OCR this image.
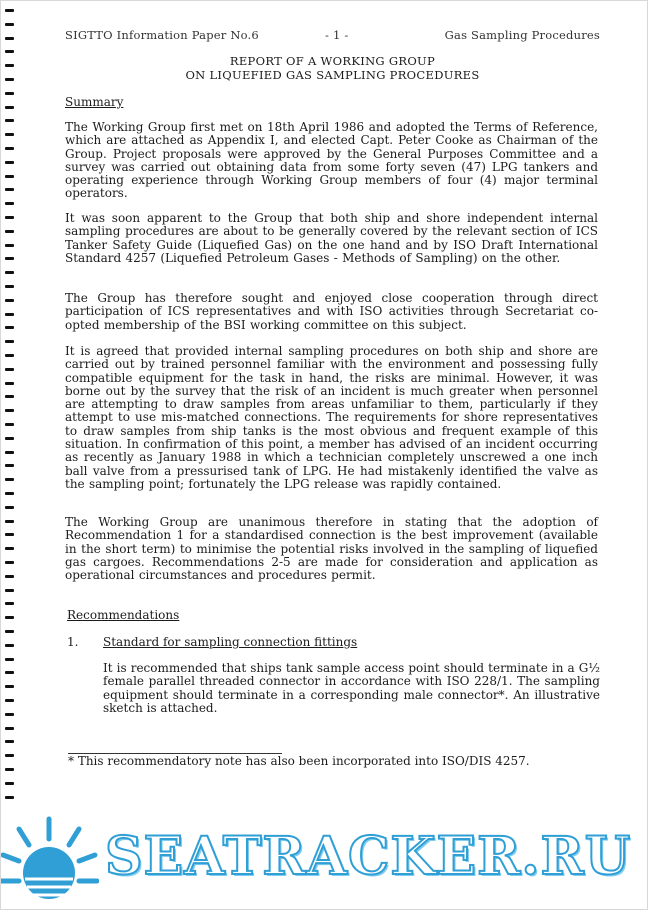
SIGTTO Information Paper No.6	- 1 -	Gas Sampling Procedures
REPORT OF A WORKING GROUP
ON LIQUEFIED GAS SAMPLING PROCEDURES
Summary

The Working Group first met on 18th April 1986 and adopted the Terms of Reference, which are attached as Appendix I, and elected Capt. Peter Cooke as Chairman of the Group. Project proposals were approved by the General Purposes Committee and a survey was carried out obtaining data from some forty seven (47) LPG tankers and operating experience through Working Group members of four (4) major terminal operators.

It was soon apparent to the Group that both ship and shore independent internal sampling procedures are about to be generally covered by the relevant section of ICS Tanker Safety Guide (Liquefied Gas) on the one hand and by ISO Draft International Standard 4257 (Liquefied Petroleum Gases - Methods of Sampling) on the other.

The Group has therefore sought and enjoyed close cooperation through direct participation of ICS representatives and with ISO activities through Secretariat co-opted membership of the BSI working committee on this subject.

It is agreed that provided internal sampling procedures on both ship and shore are carried out by trained personnel familiar with the environment and possessing fully compatible equipment for the task in hand, the risks are minimal. However, it was borne out by the survey that the risk of an incident is much greater when personnel are attempting to draw samples from areas unfamiliar to them, particularly if they attempt to use mis-matched connections. The requirements for shore representatives to draw samples from ship tanks is the most obvious and frequent example of this situation. In confirmation of this point, a member has advised of an incident occurring as recently as January 1988 in which a technician completely unscrewed a one inch ball valve from a pressurised tank of LPG. He had mistakenly identified the valve as the sampling point; fortunately the LPG release was rapidly contained.

The Working Group are unanimous therefore in stating that the adoption of Recommendation 1 for a standardised connection is the best improvement (available in the short term) to minimise the potential risks involved in the sampling of liquefied gas cargoes. Recommendations 2-5 are made for consideration and application as operational circumstances and procedures permit.

Recommendations
1. Standard for sampling connection fittings

It is recommended that ships tank sample access point should terminate in a G½ female parallel threaded connector in accordance with ISO 228/1. The sampling equipment should terminate in a corresponding male connector*. An illustrative sketch is attached.

* This recommendatory note has also been incorporated into ISO/DIS 4257.
SEATRACKER.RU
